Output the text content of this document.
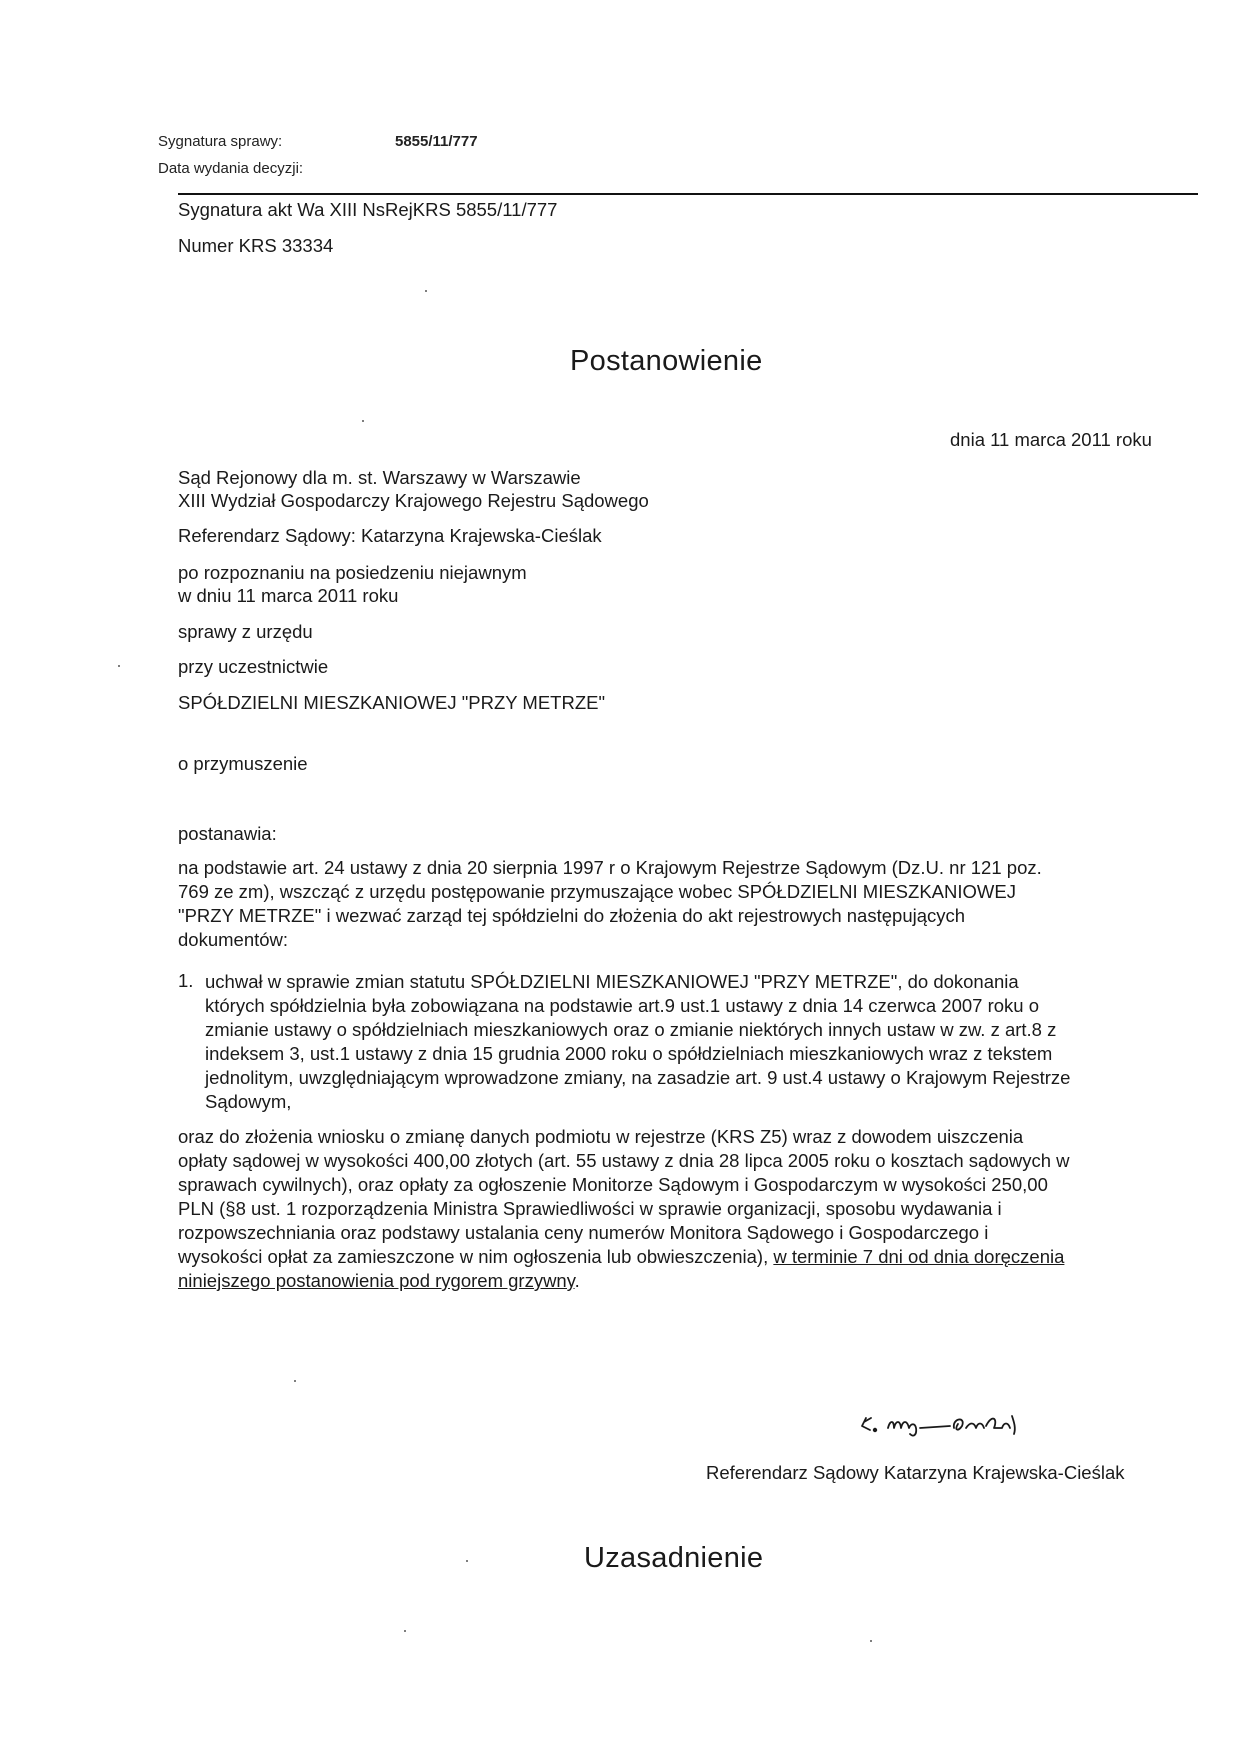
Sygnatura sprawy:	5855/11/777
Data wydania decyzji:
Sygnatura akt Wa XIII NsRejKRS 5855/11/777
Numer KRS 33334
Postanowienie
dnia 11 marca 2011 roku
Sąd Rejonowy dla m. st. Warszawy w Warszawie
XIII Wydział Gospodarczy Krajowego Rejestru Sądowego
Referendarz Sądowy: Katarzyna Krajewska-Cieślak
po rozpoznaniu na posiedzeniu niejawnym
w dniu 11 marca 2011 roku
sprawy z urzędu
przy uczestnictwie
SPÓŁDZIELNI MIESZKANIOWEJ "PRZY METRZE"
o przymuszenie
postanawia:
na podstawie art. 24 ustawy z dnia 20 sierpnia 1997 r o Krajowym Rejestrze Sądowym (Dz.U. nr 121 poz.
769 ze zm), wszcząć z urzędu postępowanie przymuszające wobec SPÓŁDZIELNI MIESZKANIOWEJ
"PRZY METRZE" i wezwać zarząd tej spółdzielni do złożenia do akt rejestrowych następujących
dokumentów:
1. uchwał w sprawie zmian statutu SPÓŁDZIELNI MIESZKANIOWEJ "PRZY METRZE", do dokonania
których spółdzielnia była zobowiązana na podstawie art.9 ust.1 ustawy z dnia 14 czerwca 2007 roku o
zmianie ustawy o spółdzielniach mieszkaniowych oraz o zmianie niektórych innych ustaw w zw. z art.8 z
indeksem 3, ust.1 ustawy z dnia 15 grudnia 2000 roku o spółdzielniach mieszkaniowych wraz z tekstem
jednolitym, uwzględniającym wprowadzone zmiany, na zasadzie art. 9 ust.4 ustawy o Krajowym Rejestrze
Sądowym,
oraz do złożenia wniosku o zmianę danych podmiotu w rejestrze (KRS Z5) wraz z dowodem uiszczenia
opłaty sądowej w wysokości 400,00 złotych (art. 55 ustawy z dnia 28 lipca 2005 roku o kosztach sądowych w
sprawach cywilnych), oraz opłaty za ogłoszenie Monitorze Sądowym i Gospodarczym w wysokości 250,00
PLN (§8 ust. 1 rozporządzenia Ministra Sprawiedliwości w sprawie organizacji, sposobu wydawania i
rozpowszechniania oraz podstawy ustalania ceny numerów Monitora Sądowego i Gospodarczego i
wysokości opłat za zamieszczone w nim ogłoszenia lub obwieszczenia), w terminie 7 dni od dnia doręczenia
niniejszego postanowienia pod rygorem grzywny.
Referendarz Sądowy Katarzyna Krajewska-Cieślak
Uzasadnienie
